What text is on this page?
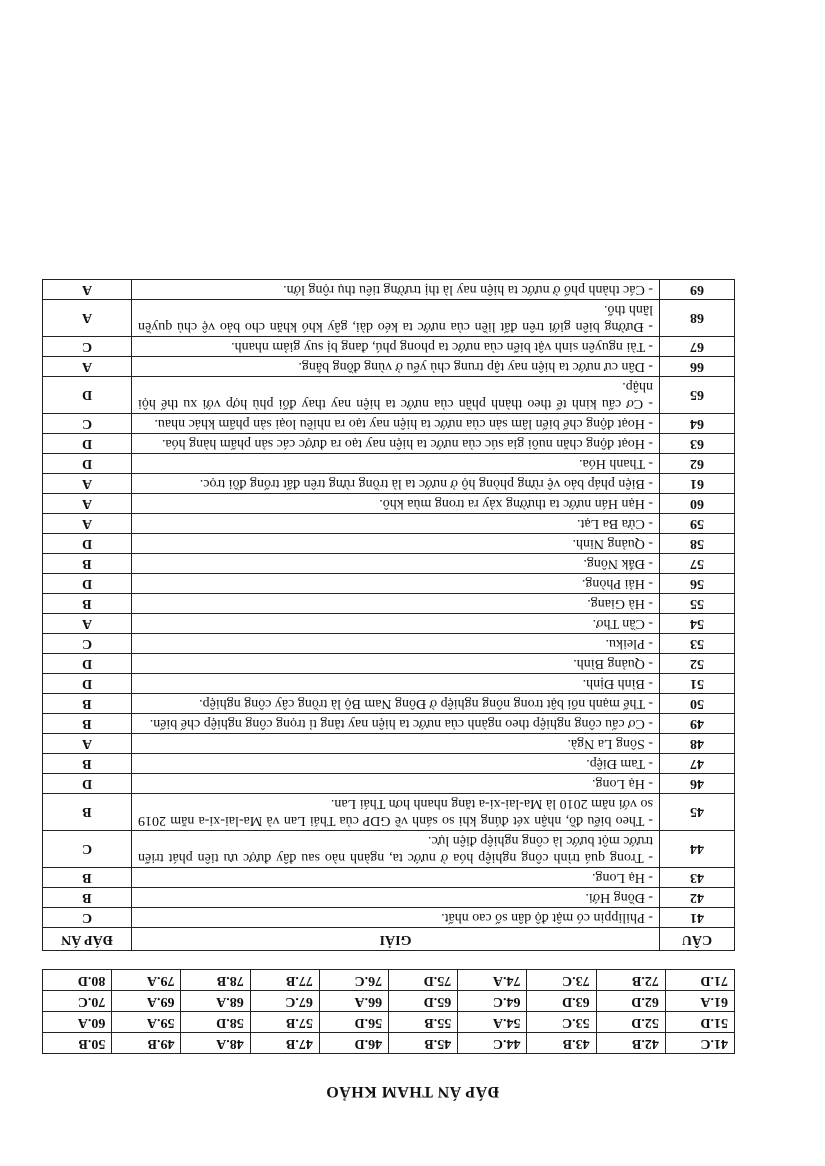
ĐÁP ÁN THAM KHẢO
41.C	42.B	43.B	44.C	45.B	46.D	47.B	48.A	49.B	50.B
51.D	52.D	53.C	54.A	55.B	56.D	57.B	58.D	59.A	60.A
61.A	62.D	63.D	64.C	65.D	66.A	67.C	68.A	69.A	70.C
71.D	72.B	73.C	74.A	75.D	76.C	77.B	78.B	79.A	80.D
CÂU	GIẢI	ĐÁP ÁN
41	- Philippin có mật độ dân số cao nhất.	C
42	- Đồng Hới.	B
43	- Hạ Long.	B
44	- Trong quá trình công nghiệp hóa ở nước ta, ngành nào sau đây được ưu tiên phát triển trước một bước là công nghiệp điện lực.	C
45	- Theo biểu đồ, nhận xét đúng khi so sánh về GDP của Thái Lan và Ma-lai-xi-a năm 2019 so với năm 2010 là Ma-lai-xi-a tăng nhanh hơn Thái Lan.	B
46	- Hạ Long.	D
47	- Tam Điệp.	B
48	- Sông La Ngà.	A
49	- Cơ cấu công nghiệp theo ngành của nước ta hiện nay tăng tỉ trọng công nghiệp chế biến.	B
50	- Thế mạnh nổi bật trong nông nghiệp ở Đông Nam Bộ là trồng cây công nghiệp.	B
51	- Bình Định.	D
52	- Quảng Bình.	D
53	- Pleiku.	C
54	- Cần Thơ.	A
55	- Hà Giang.	B
56	- Hải Phòng.	D
57	- Đắk Nông.	B
58	- Quảng Ninh.	D
59	- Cửa Ba Lạt.	A
60	- Hạn Hán nước ta thường xảy ra trong mùa khô.	A
61	- Biện pháp bảo vệ rừng phòng hộ ở nước ta là trồng rừng trên đất trống đồi trọc.	A
62	- Thanh Hóa.	D
63	- Hoạt động chăn nuôi gia súc của nước ta hiện nay tạo ra được các sản phẩm hàng hóa.	D
64	- Hoạt động chế biến lâm sản của nước ta hiện nay tạo ra nhiều loại sản phẩm khác nhau.	C
65	- Cơ cấu kinh tế theo thành phần của nước ta hiện nay thay đổi phù hợp với xu thế hội nhập.	D
66	- Dân cư nước ta hiện nay tập trung chủ yếu ở vùng đồng bằng.	A
67	- Tài nguyên sinh vật biển của nước ta phong phú, đang bị suy giảm nhanh.	C
68	- Đường biên giới trên đất liền của nước ta kéo dài, gây khó khăn cho bảo vệ chủ quyền lãnh thổ.	A
69	- Các thành phố ở nước ta hiện nay là thị trường tiêu thụ rộng lớn.	A
